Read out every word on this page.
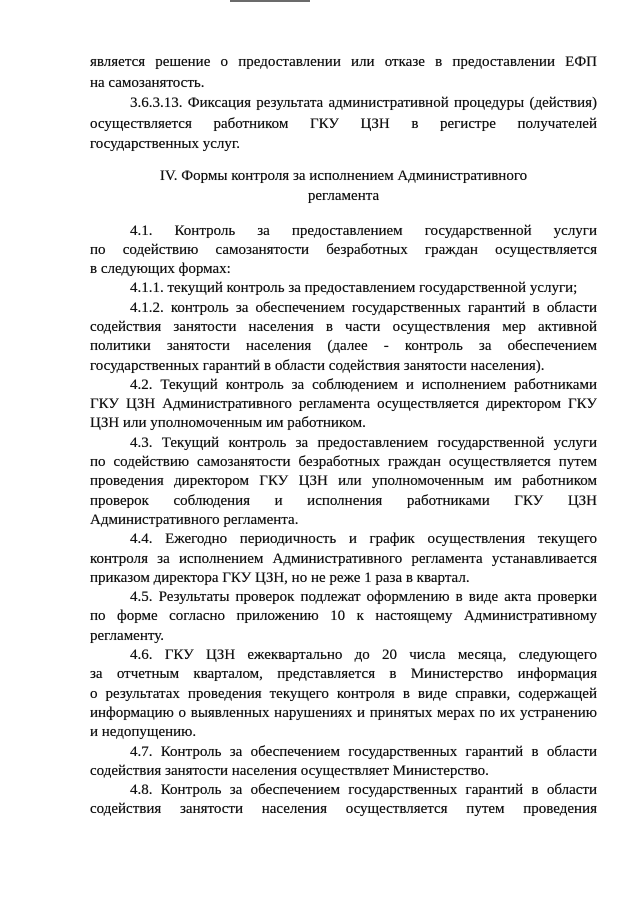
является решение о предоставлении или отказе в предоставлении ЕФП
на самозанятость.
3.6.3.13. Фиксация результата административной процедуры (действия)
осуществляется работником ГКУ ЦЗН в регистре получателей
государственных услуг.
IV. Формы контроля за исполнением Административного
регламента
4.1. Контроль за предоставлением государственной услуги
по содействию самозанятости безработных граждан осуществляется
в следующих формах:
4.1.1. текущий контроль за предоставлением государственной услуги;
4.1.2. контроль за обеспечением государственных гарантий в области
содействия занятости населения в части осуществления мер активной
политики занятости населения (далее - контроль за обеспечением
государственных гарантий в области содействия занятости населения).
4.2. Текущий контроль за соблюдением и исполнением работниками
ГКУ ЦЗН Административного регламента осуществляется директором ГКУ
ЦЗН или уполномоченным им работником.
4.3. Текущий контроль за предоставлением государственной услуги
по содействию самозанятости безработных граждан осуществляется путем
проведения директором ГКУ ЦЗН или уполномоченным им работником
проверок соблюдения и исполнения работниками ГКУ ЦЗН
Административного регламента.
4.4. Ежегодно периодичность и график осуществления текущего
контроля за исполнением Административного регламента устанавливается
приказом директора ГКУ ЦЗН, но не реже 1 раза в квартал.
4.5. Результаты проверок подлежат оформлению в виде акта проверки
по форме согласно приложению 10 к настоящему Административному
регламенту.
4.6. ГКУ ЦЗН ежеквартально до 20 числа месяца, следующего
за отчетным кварталом, представляется в Министерство информация
о результатах проведения текущего контроля в виде справки, содержащей
информацию о выявленных нарушениях и принятых мерах по их устранению
и недопущению.
4.7. Контроль за обеспечением государственных гарантий в области
содействия занятости населения осуществляет Министерство.
4.8. Контроль за обеспечением государственных гарантий в области
содействия занятости населения осуществляется путем проведения
